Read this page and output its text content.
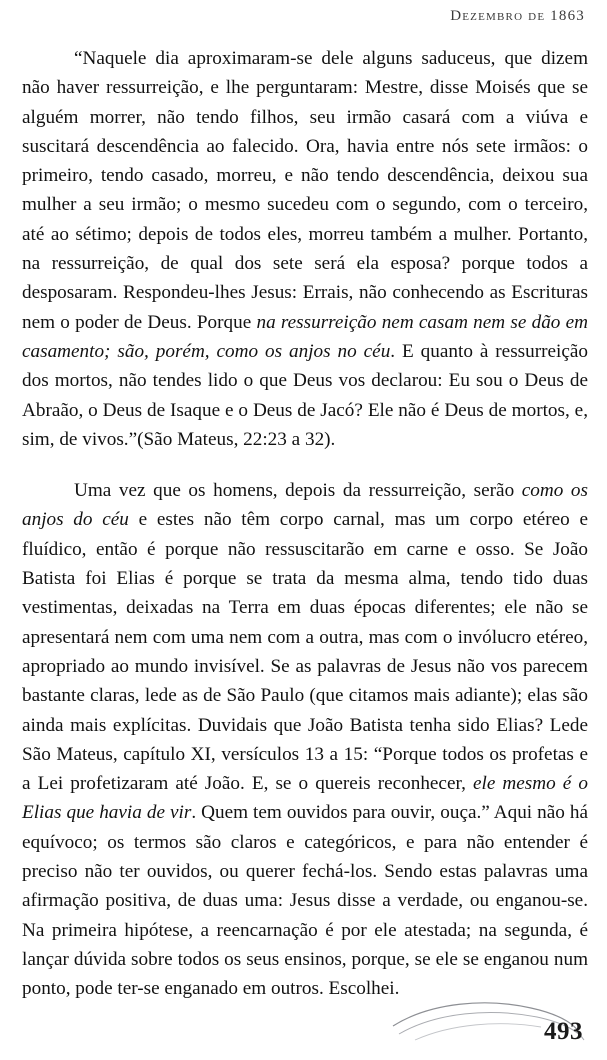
Dezembro de 1863

“Naquele dia aproximaram-se dele alguns saduceus, que dizem não haver ressurreição, e lhe perguntaram: Mestre, disse Moisés que se alguém morrer, não tendo filhos, seu irmão casará com a viúva e suscitará descendência ao falecido. Ora, havia entre nós sete irmãos: o primeiro, tendo casado, morreu, e não tendo descendência, deixou sua mulher a seu irmão; o mesmo sucedeu com o segundo, com o terceiro, até ao sétimo; depois de todos eles, morreu também a mulher. Portanto, na ressurreição, de qual dos sete será ela esposa? porque todos a desposaram. Respondeu-lhes Jesus: Errais, não conhecendo as Escrituras nem o poder de Deus. Porque na ressurreição nem casam nem se dão em casamento; são, porém, como os anjos no céu. E quanto à ressurreição dos mortos, não tendes lido o que Deus vos declarou: Eu sou o Deus de Abraão, o Deus de Isaque e o Deus de Jacó? Ele não é Deus de mortos, e, sim, de vivos.”(São Mateus, 22:23 a 32).

Uma vez que os homens, depois da ressurreição, serão como os anjos do céu e estes não têm corpo carnal, mas um corpo etéreo e fluídico, então é porque não ressuscitarão em carne e osso. Se João Batista foi Elias é porque se trata da mesma alma, tendo tido duas vestimentas, deixadas na Terra em duas épocas diferentes; ele não se apresentará nem com uma nem com a outra, mas com o invólucro etéreo, apropriado ao mundo invisível. Se as palavras de Jesus não vos parecem bastante claras, lede as de São Paulo (que citamos mais adiante); elas são ainda mais explícitas. Duvidais que João Batista tenha sido Elias? Lede São Mateus, capítulo XI, versículos 13 a 15: “Porque todos os profetas e a Lei profetizaram até João. E, se o quereis reconhecer, ele mesmo é o Elias que havia de vir. Quem tem ouvidos para ouvir, ouça.” Aqui não há equívoco; os termos são claros e categóricos, e para não entender é preciso não ter ouvidos, ou querer fechá-los. Sendo estas palavras uma afirmação positiva, de duas uma: Jesus disse a verdade, ou enganou-se. Na primeira hipótese, a reencarnação é por ele atestada; na segunda, é lançar dúvida sobre todos os seus ensinos, porque, se ele se enganou num ponto, pode ter-se enganado em outros. Escolhei.

493
